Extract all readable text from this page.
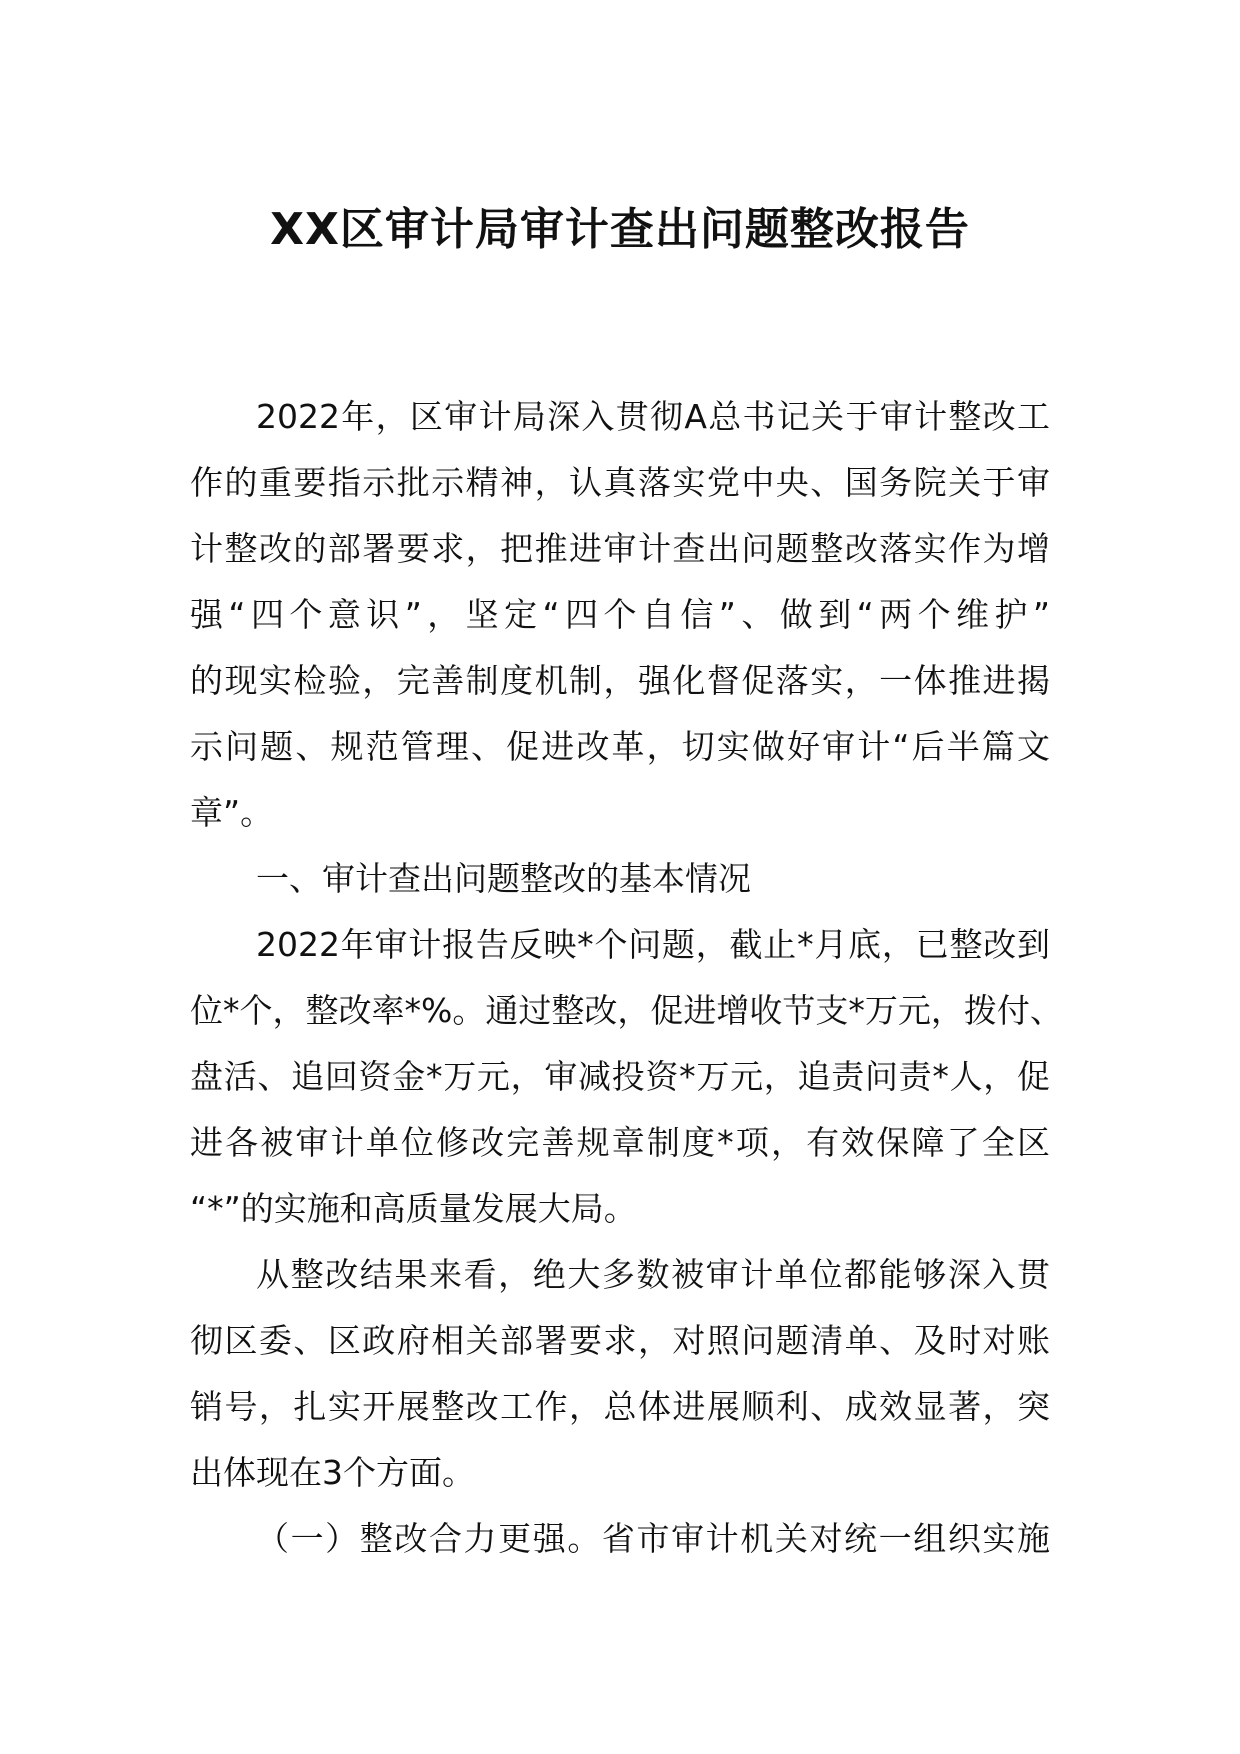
XX区审计局审计查出问题整改报告
2022年，区审计局深入贯彻A总书记关于审计整改工
作的重要指示批示精神，认真落实党中央、国务院关于审
计整改的部署要求，把推进审计查出问题整改落实作为增
强“四个意识”，坚定“四个自信”、做到“两个维护”
的现实检验，完善制度机制，强化督促落实，一体推进揭
示问题、规范管理、促进改革，切实做好审计“后半篇文
章”。
一、审计查出问题整改的基本情况
2022年审计报告反映*个问题，截止*月底，已整改到
位*个，整改率*%。通过整改，促进增收节支*万元，拨付、
盘活、追回资金*万元，审减投资*万元，追责问责*人，促
进各被审计单位修改完善规章制度*项，有效保障了全区
“*”的实施和高质量发展大局。
从整改结果来看，绝大多数被审计单位都能够深入贯
彻区委、区政府相关部署要求，对照问题清单、及时对账
销号，扎实开展整改工作，总体进展顺利、成效显著，突
出体现在3个方面。
（一）整改合力更强。省市审计机关对统一组织实施
